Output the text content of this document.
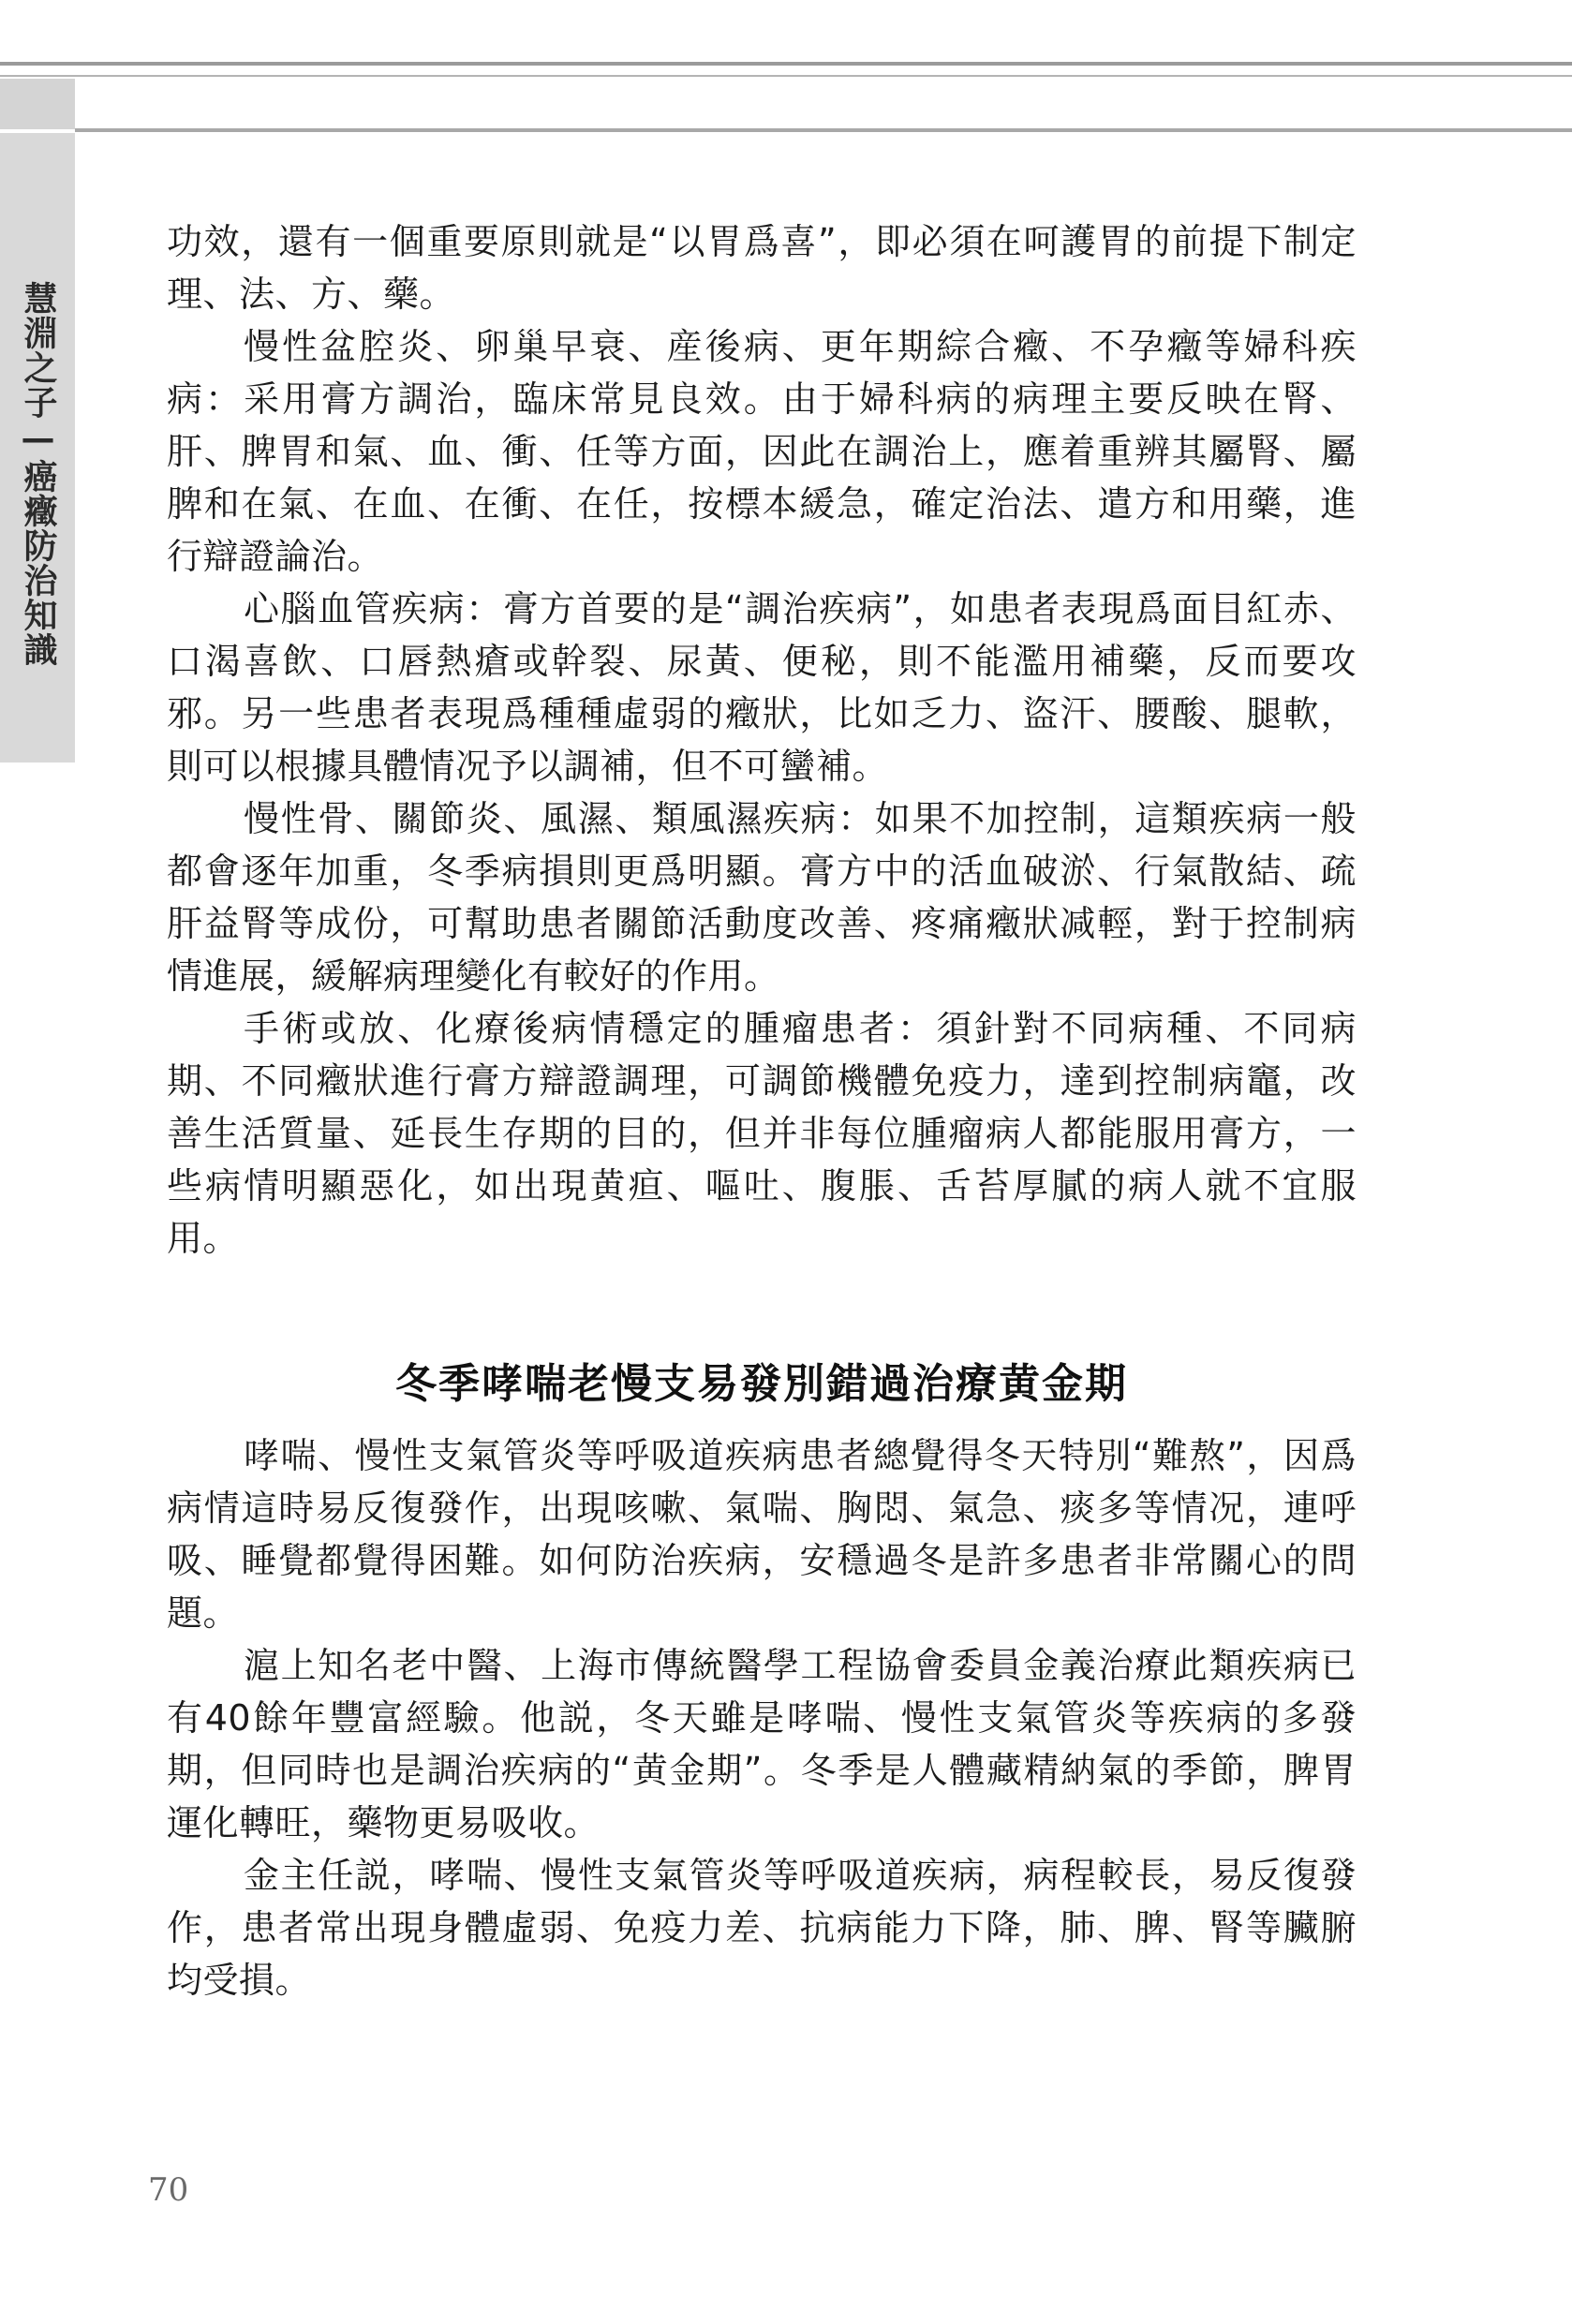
慧淵之子—癌癥防治知識

功效，還有一個重要原則就是“以胃爲喜”，即必須在呵護胃的前提下制定理、法、方、藥。

慢性盆腔炎、卵巢早衰、産後病、更年期綜合癥、不孕癥等婦科疾病：采用膏方調治，臨床常見良效。由于婦科病的病理主要反映在腎、肝、脾胃和氣、血、衝、任等方面，因此在調治上，應着重辨其屬腎、屬脾和在氣、在血、在衝、在任，按標本緩急，確定治法、遣方和用藥，進行辯證論治。

心腦血管疾病：膏方首要的是“調治疾病”，如患者表現爲面目紅赤、口渴喜飲、口唇熱瘡或幹裂、尿黃、便秘，則不能濫用補藥，反而要攻邪。另一些患者表現爲種種虛弱的癥狀，比如乏力、盜汗、腰酸、腿軟，則可以根據具體情况予以調補，但不可蠻補。

慢性骨、關節炎、風濕、類風濕疾病：如果不加控制，這類疾病一般都會逐年加重，冬季病損則更爲明顯。膏方中的活血破淤、行氣散結、疏肝益腎等成份，可幫助患者關節活動度改善、疼痛癥狀减輕，對于控制病情進展，緩解病理變化有較好的作用。

手術或放、化療後病情穩定的腫瘤患者：須針對不同病種、不同病期、不同癥狀進行膏方辯證調理，可調節機體免疫力，達到控制病竈，改善生活質量、延長生存期的目的，但并非每位腫瘤病人都能服用膏方，一些病情明顯惡化，如出現黄疸、嘔吐、腹脹、舌苔厚膩的病人就不宜服用。

冬季哮喘老慢支易發別錯過治療黄金期

哮喘、慢性支氣管炎等呼吸道疾病患者總覺得冬天特別“難熬”，因爲病情這時易反復發作，出現咳嗽、氣喘、胸悶、氣急、痰多等情况，連呼吸、睡覺都覺得困難。如何防治疾病，安穩過冬是許多患者非常關心的問題。

滬上知名老中醫、上海市傳統醫學工程協會委員金義治療此類疾病已有40餘年豐富經驗。他説，冬天雖是哮喘、慢性支氣管炎等疾病的多發期，但同時也是調治疾病的“黄金期”。冬季是人體藏精納氣的季節，脾胃運化轉旺，藥物更易吸收。

金主任説，哮喘、慢性支氣管炎等呼吸道疾病，病程較長，易反復發作，患者常出現身體虛弱、免疫力差、抗病能力下降，肺、脾、腎等臟腑均受損。

70
